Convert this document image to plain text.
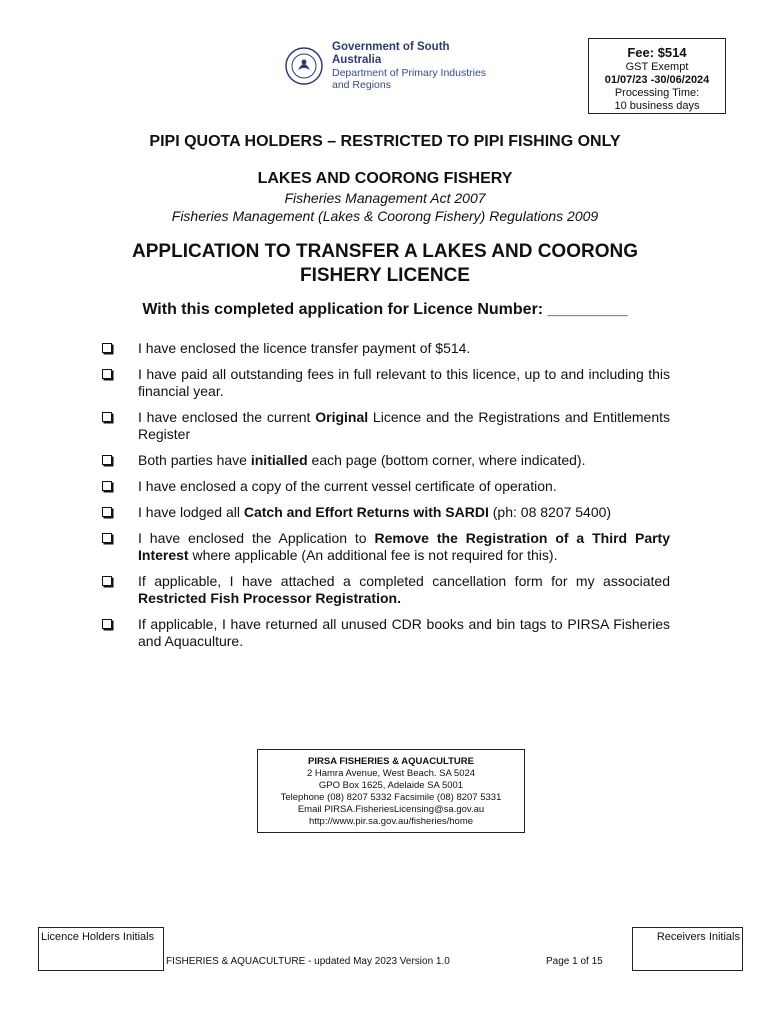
Government of South Australia
Department of Primary Industries
and Regions
Fee: $514
GST Exempt
01/07/23 -30/06/2024
Processing Time:
10 business days
PIPI QUOTA HOLDERS – RESTRICTED TO PIPI FISHING ONLY
LAKES AND COORONG FISHERY
Fisheries Management Act 2007
Fisheries Management (Lakes & Coorong Fishery) Regulations 2009
APPLICATION TO TRANSFER A LAKES AND COORONG
FISHERY LICENCE
With this completed application for Licence Number: _________
I have enclosed the licence transfer payment of $514.
I have paid all outstanding fees in full relevant to this licence, up to and including this financial year.
I have enclosed the current Original Licence and the Registrations and Entitlements Register
Both parties have initialled each page (bottom corner, where indicated).
I have enclosed a copy of the current vessel certificate of operation.
I have lodged all Catch and Effort Returns with SARDI (ph: 08 8207 5400)
I have enclosed the Application to Remove the Registration of a Third Party Interest where applicable (An additional fee is not required for this).
If applicable, I have attached a completed cancellation form for my associated Restricted Fish Processor Registration.
If applicable, I have returned all unused CDR books and bin tags to PIRSA Fisheries and Aquaculture.
PIRSA FISHERIES & AQUACULTURE
2 Hamra Avenue, West Beach. SA 5024
GPO Box 1625, Adelaide SA 5001
Telephone (08) 8207 5332 Facsimile (08) 8207 5331
Email PIRSA.FisheriesLicensing@sa.gov.au
http://www.pir.sa.gov.au/fisheries/home
Licence Holders Initials
FISHERIES & AQUACULTURE - updated May 2023 Version 1.0	Page 1 of 15
Receivers Initials
